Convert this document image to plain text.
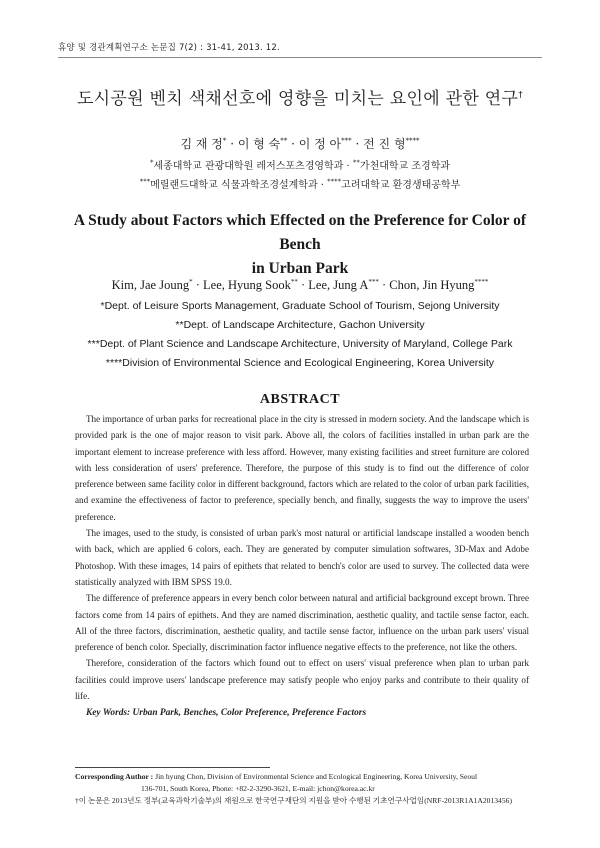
휴양 및 경관계획연구소 논문집 7(2) : 31-41, 2013. 12.
도시공원 벤치 색채선호에 영향을 미치는 요인에 관한 연구†
김 재 정* · 이 형 숙** · 이 정 아*** · 전 진 형****
*세종대학교 관광대학원 레저스포츠경영학과 · **가천대학교 조경학과
***메릴랜드대학교 식물과학조경설계학과 · ****고려대학교 환경생태공학부
A Study about Factors which Effected on the Preference for Color of Bench
in Urban Park
Kim, Jae Joung* · Lee, Hyung Sook** · Lee, Jung A*** · Chon, Jin Hyung****
*Dept. of Leisure Sports Management, Graduate School of Tourism, Sejong University
**Dept. of Landscape Architecture, Gachon University
***Dept. of Plant Science and Landscape Architecture, University of Maryland, College Park
****Division of Environmental Science and Ecological Engineering, Korea University
ABSTRACT

The importance of urban parks for recreational place in the city is stressed in modern society. And the landscape which is provided park is the one of major reason to visit park. Above all, the colors of facilities installed in urban park are the important element to increase preference with less afford. However, many existing facilities and street furniture are colored with less consideration of users' preference. Therefore, the purpose of this study is to find out the difference of color preference between same facility color in different background, factors which are related to the color of urban park facilities, and examine the effectiveness of factor to preference, specially bench, and finally, suggests the way to improve the users' preference.

The images, used to the study, is consisted of urban park's most natural or artificial landscape installed a wooden bench with back, which are applied 6 colors, each. They are generated by computer simulation softwares, 3D-Max and Adobe Photoshop. With these images, 14 pairs of epithets that related to bench's color are used to survey. The collected data were statistically analyzed with IBM SPSS 19.0.

The difference of preference appears in every bench color between natural and artificial background except brown. Three factors come from 14 pairs of epithets. And they are named discrimination, aesthetic quality, and tactile sense factor, each. All of the three factors, discrimination, aesthetic quality, and tactile sense factor, influence on the urban park users' visual preference of bench color. Specially, discrimination factor influence negative effects to the preference, not like the others.

Therefore, consideration of the factors which found out to effect on users' visual preference when plan to urban park facilities could improve users' landscape preference may satisfy people who enjoy parks and contribute to their quality of life.

Key Words: Urban Park, Benches, Color Preference, Preference Factors
Corresponding Author : Jin hyung Chon, Division of Environmental Science and Ecological Engineering, Korea University, Seoul
136-701, South Korea, Phone: +82-2-3290-3621, E-mail: jchon@korea.ac.kr
†이 논문은 2013년도 정부(교육과학기술부)의 재원으로 한국연구재단의 지원을 받아 수행된 기초연구사업임(NRF-2013R1A1A2013456)
